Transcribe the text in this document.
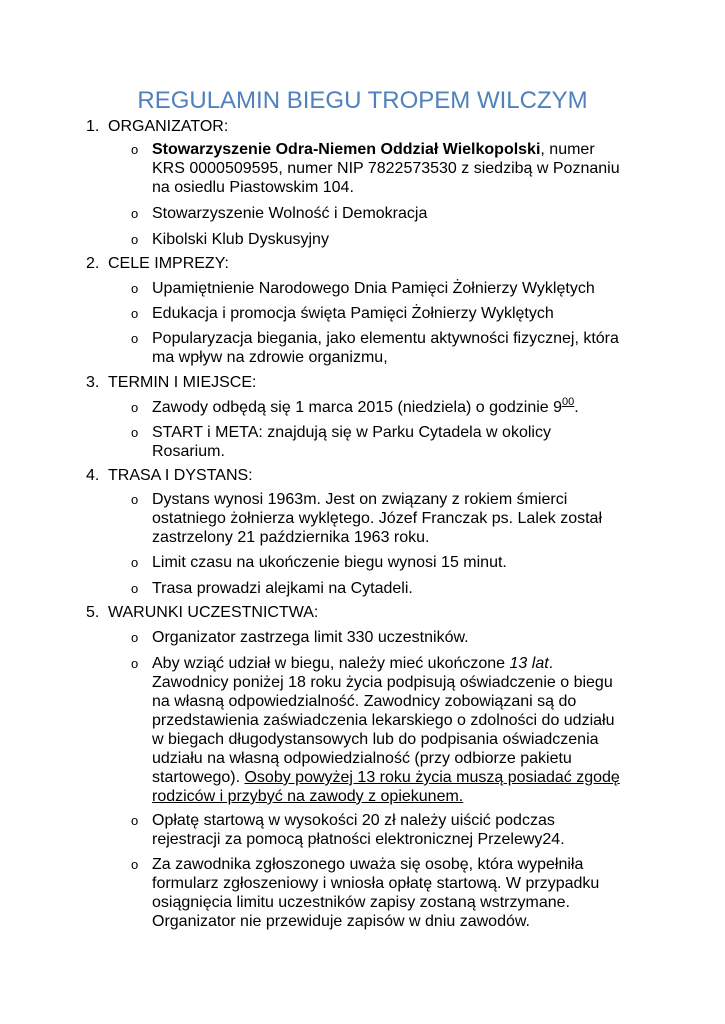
REGULAMIN BIEGU TROPEM WILCZYM
1. ORGANIZATOR:
o Stowarzyszenie Odra-Niemen Oddział Wielkopolski, numer
KRS 0000509595, numer NIP 7822573530 z siedzibą w Poznaniu
na osiedlu Piastowskim 104.
o Stowarzyszenie Wolność i Demokracja
o Kibolski Klub Dyskusyjny
2. CELE IMPREZY:
o Upamiętnienie Narodowego Dnia Pamięci Żołnierzy Wyklętych
o Edukacja i promocja święta Pamięci Żołnierzy Wyklętych
o Popularyzacja biegania, jako elementu aktywności fizycznej, która
ma wpływ na zdrowie organizmu,
3. TERMIN I MIEJSCE:
o Zawody odbędą się 1 marca 2015 (niedziela) o godzinie $9^{00}$.
o START i META: znajdują się w Parku Cytadela w okolicy
Rosarium.
4. TRASA I DYSTANS:
o Dystans wynosi 1963m. Jest on związany z rokiem śmierci
ostatniego żołnierza wyklętego. Józef Franczak ps. Lalek został
zastrzelony 21 października 1963 roku.
o Limit czasu na ukończenie biegu wynosi 15 minut.
o Trasa prowadzi alejkami na Cytadeli.
5. WARUNKI UCZESTNICTWA:
o Organizator zastrzega limit 330 uczestników.
o Aby wziąć udział w biegu, należy mieć ukończone 13 lat.
Zawodnicy poniżej 18 roku życia podpisują oświadczenie o biegu
na własną odpowiedzialność. Zawodnicy zobowiązani są do
przedstawienia zaświadczenia lekarskiego o zdolności do udziału
w biegach długodystansowych lub do podpisania oświadczenia
udziału na własną odpowiedzialność (przy odbiorze pakietu
startowego). Osoby powyżej 13 roku życia muszą posiadać zgodę
rodziców i przybyć na zawody z opiekunem.
o Opłatę startową w wysokości 20 zł należy uiścić podczas
rejestracji za pomocą płatności elektronicznej Przelewy24.
o Za zawodnika zgłoszonego uważa się osobę, która wypełniła
formularz zgłoszeniowy i wniosła opłatę startową. W przypadku
osiągnięcia limitu uczestników zapisy zostaną wstrzymane.
Organizator nie przewiduje zapisów w dniu zawodów.
